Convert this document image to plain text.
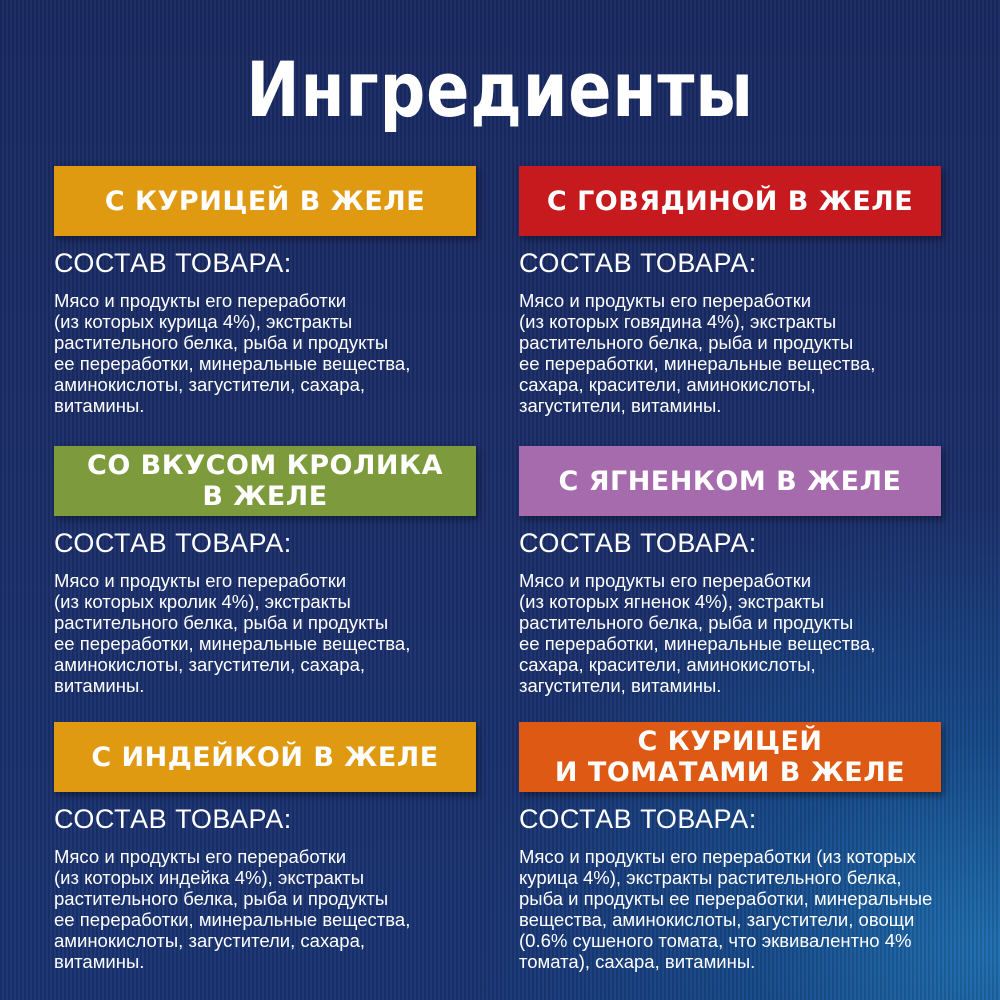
Ингредиенты
С КУРИЦЕЙ В ЖЕЛЕ
СОСТАВ ТОВАРА:
Мясо и продукты его переработки
(из которых курица 4%), экстракты
растительного белка, рыба и продукты
ее переработки, минеральные вещества,
аминокислоты, загустители, сахара,
витамины.
С ГОВЯДИНОЙ В ЖЕЛЕ
СОСТАВ ТОВАРА:
Мясо и продукты его переработки
(из которых говядина 4%), экстракты
растительного белка, рыба и продукты
ее переработки, минеральные вещества,
сахара, красители, аминокислоты,
загустители, витамины.
СО ВКУСОМ КРОЛИКА
В ЖЕЛЕ
СОСТАВ ТОВАРА:
Мясо и продукты его переработки
(из которых кролик 4%), экстракты
растительного белка, рыба и продукты
ее переработки, минеральные вещества,
аминокислоты, загустители, сахара,
витамины.
С ЯГНЕНКОМ В ЖЕЛЕ
СОСТАВ ТОВАРА:
Мясо и продукты его переработки
(из которых ягненок 4%), экстракты
растительного белка, рыба и продукты
ее переработки, минеральные вещества,
сахара, красители, аминокислоты,
загустители, витамины.
С ИНДЕЙКОЙ В ЖЕЛЕ
СОСТАВ ТОВАРА:
Мясо и продукты его переработки
(из которых индейка 4%), экстракты
растительного белка, рыба и продукты
ее переработки, минеральные вещества,
аминокислоты, загустители, сахара,
витамины.
С КУРИЦЕЙ
И ТОМАТАМИ В ЖЕЛЕ
СОСТАВ ТОВАРА:
Мясо и продукты его переработки (из которых
курица 4%), экстракты растительного белка,
рыба и продукты ее переработки, минеральные
вещества, аминокислоты, загустители, овощи
(0.6% сушеного томата, что эквивалентно 4%
томата), сахара, витамины.
